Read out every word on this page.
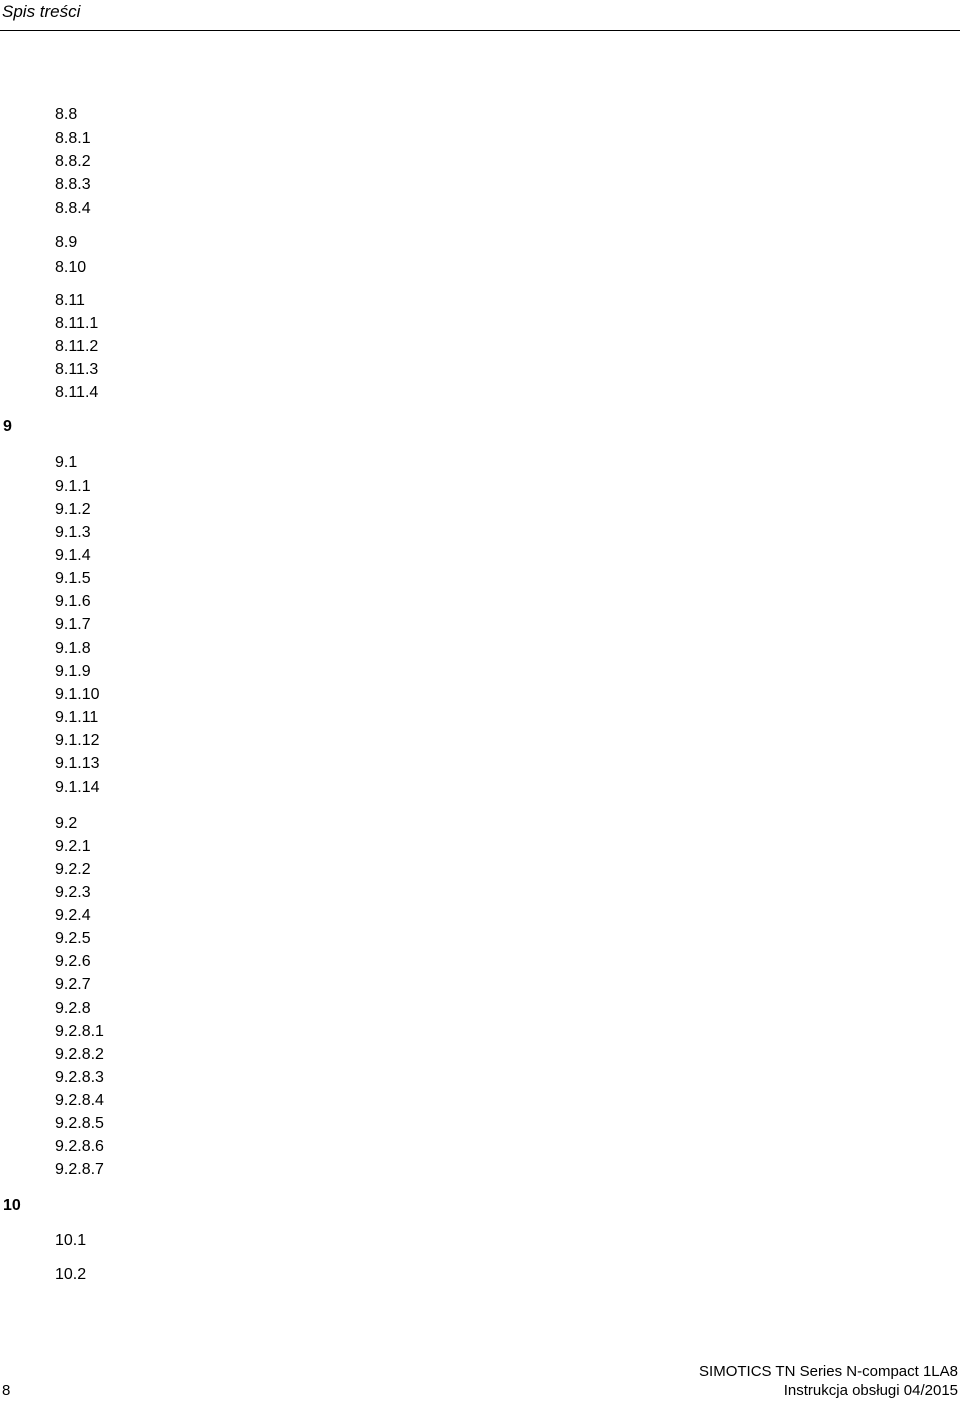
Spis treści
8.8
8.8.1
8.8.2
8.8.3
8.8.4
8.9
8.10
8.11
8.11.1
8.11.2
8.11.3
8.11.4
9
9.1
9.1.1
9.1.2
9.1.3
9.1.4
9.1.5
9.1.6
9.1.7
9.1.8
9.1.9
9.1.10
9.1.11
9.1.12
9.1.13
9.1.14
9.2
9.2.1
9.2.2
9.2.3
9.2.4
9.2.5
9.2.6
9.2.7
9.2.8
9.2.8.1
9.2.8.2
9.2.8.3
9.2.8.4
9.2.8.5
9.2.8.6
9.2.8.7
10
10.1
10.2
8
SIMOTICS TN Series N-compact 1LA8
Instrukcja obsługi 04/2015
